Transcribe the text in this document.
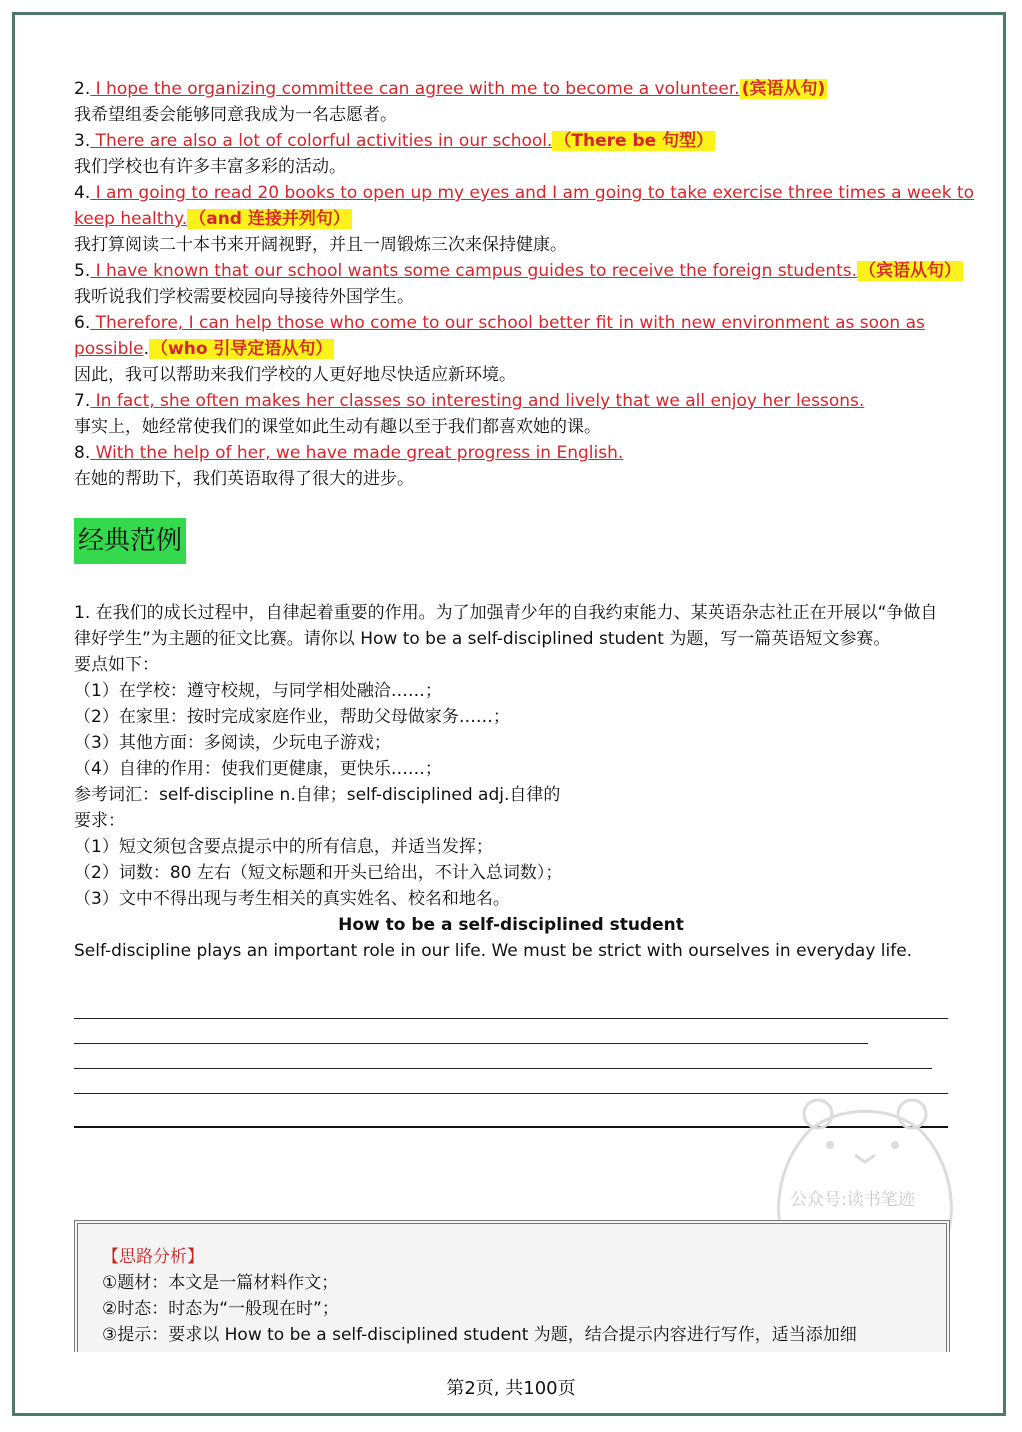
2. I hope the organizing committee can agree with me to become a volunteer. (宾语从句)
我希望组委会能够同意我成为一名志愿者。
3. There are also a lot of colorful activities in our school. （There be 句型）
我们学校也有许多丰富多彩的活动。
4. I am going to read 20 books to open up my eyes and I am going to take exercise three times a week to
keep healthy. （and 连接并列句）
我打算阅读二十本书来开阔视野，并且一周锻炼三次来保持健康。
5. I have known that our school wants some campus guides to receive the foreign students. （宾语从句）
我听说我们学校需要校园向导接待外国学生。
6. Therefore, I can help those who come to our school better fit in with new environment as soon as
possible. （who 引导定语从句）
因此，我可以帮助来我们学校的人更好地尽快适应新环境。
7. In fact, she often makes her classes so interesting and lively that we all enjoy her lessons.
事实上，她经常使我们的课堂如此生动有趣以至于我们都喜欢她的课。
8. With the help of her, we have made great progress in English.
在她的帮助下，我们英语取得了很大的进步。
经典范例
1. 在我们的成长过程中，自律起着重要的作用。为了加强青少年的自我约束能力、某英语杂志社正在开展以“争做自律好学生”为主题的征文比赛。请你以 How to be a self-disciplined student 为题，写一篇英语短文参赛。
要点如下：
（1）在学校：遵守校规，与同学相处融洽……；
（2）在家里：按时完成家庭作业，帮助父母做家务……；
（3）其他方面：多阅读，少玩电子游戏；
（4）自律的作用：使我们更健康，更快乐……；
参考词汇：self-discipline n.自律；self-disciplined adj.自律的
要求：
（1）短文须包含要点提示中的所有信息，并适当发挥；
（2）词数：80 左右（短文标题和开头已给出，不计入总词数）；
（3）文中不得出现与考生相关的真实姓名、校名和地名。
How to be a self-disciplined student
Self-discipline plays an important role in our life. We must be strict with ourselves in everyday life.
公众号:读书笔迹
【思路分析】
①题材：本文是一篇材料作文；
②时态：时态为“一般现在时”；
③提示：要求以 How to be a self-disciplined student 为题，结合提示内容进行写作，适当添加细
第2页, 共100页
